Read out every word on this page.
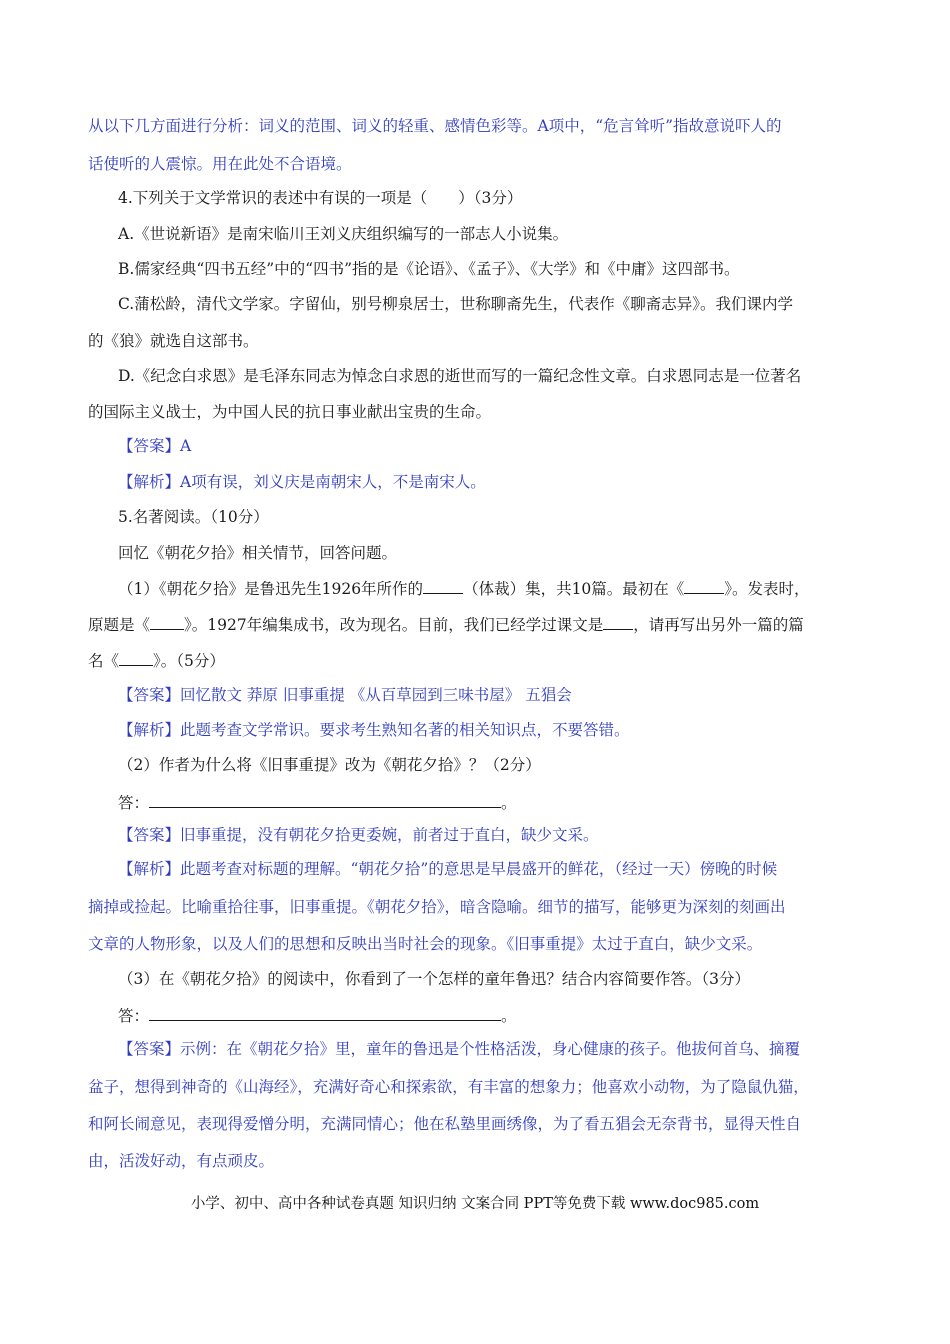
从以下几方面进行分析：词义的范围、词义的轻重、感情色彩等。A项中，“危言耸听”指故意说吓人的
话使听的人震惊。用在此处不合语境。
4.下列关于文学常识的表述中有误的一项是（　　）（3分）
A.《世说新语》是南宋临川王刘义庆组织编写的一部志人小说集。
B.儒家经典“四书五经”中的“四书”指的是《论语》、《孟子》、《大学》和《中庸》这四部书。
C.蒲松龄，清代文学家。字留仙，别号柳泉居士，世称聊斋先生，代表作《聊斋志异》。我们课内学
的《狼》就选自这部书。
D.《纪念白求恩》是毛泽东同志为悼念白求恩的逝世而写的一篇纪念性文章。白求恩同志是一位著名
的国际主义战士，为中国人民的抗日事业献出宝贵的生命。
【答案】A
【解析】A项有误，刘义庆是南朝宋人，不是南宋人。
5.名著阅读。（10分）
回忆《朝花夕拾》相关情节，回答问题。
（1）《朝花夕拾》是鲁迅先生1926年所作的	（体裁）集，共10篇。最初在《	》。发表时，
原题是《 》。1927年编集成书，改为现名。目前，我们已经学过课文是 ，请再写出另外一篇的篇
名《 》。（5分）
【答案】回忆散文 莽原 旧事重提 《从百草园到三味书屋》 五猖会
【解析】此题考查文学常识。要求考生熟知名著的相关知识点，不要答错。
（2）作者为什么将《旧事重提》改为《朝花夕拾》？（2分）
答：	。
【答案】旧事重提，没有朝花夕拾更委婉，前者过于直白，缺少文采。
【解析】此题考查对标题的理解。“朝花夕拾”的意思是早晨盛开的鲜花，（经过一天）傍晚的时候
摘掉或捡起。比喻重拾往事，旧事重提。《朝花夕拾》，暗含隐喻。细节的描写，能够更为深刻的刻画出
文章的人物形象，以及人们的思想和反映出当时社会的现象。《旧事重提》太过于直白，缺少文采。
（3）在《朝花夕拾》的阅读中，你看到了一个怎样的童年鲁迅？结合内容简要作答。（3分）
答：	。
【答案】示例：在《朝花夕拾》里，童年的鲁迅是个性格活泼，身心健康的孩子。他拔何首乌、摘覆
盆子，想得到神奇的《山海经》，充满好奇心和探索欲，有丰富的想象力；他喜欢小动物，为了隐鼠仇猫，
和阿长闹意见，表现得爱憎分明，充满同情心；他在私塾里画绣像，为了看五猖会无奈背书，显得天性自
由，活泼好动，有点顽皮。
小学、初中、高中各种试卷真题 知识归纳 文案合同 PPT等免费下载 www.doc985.com
